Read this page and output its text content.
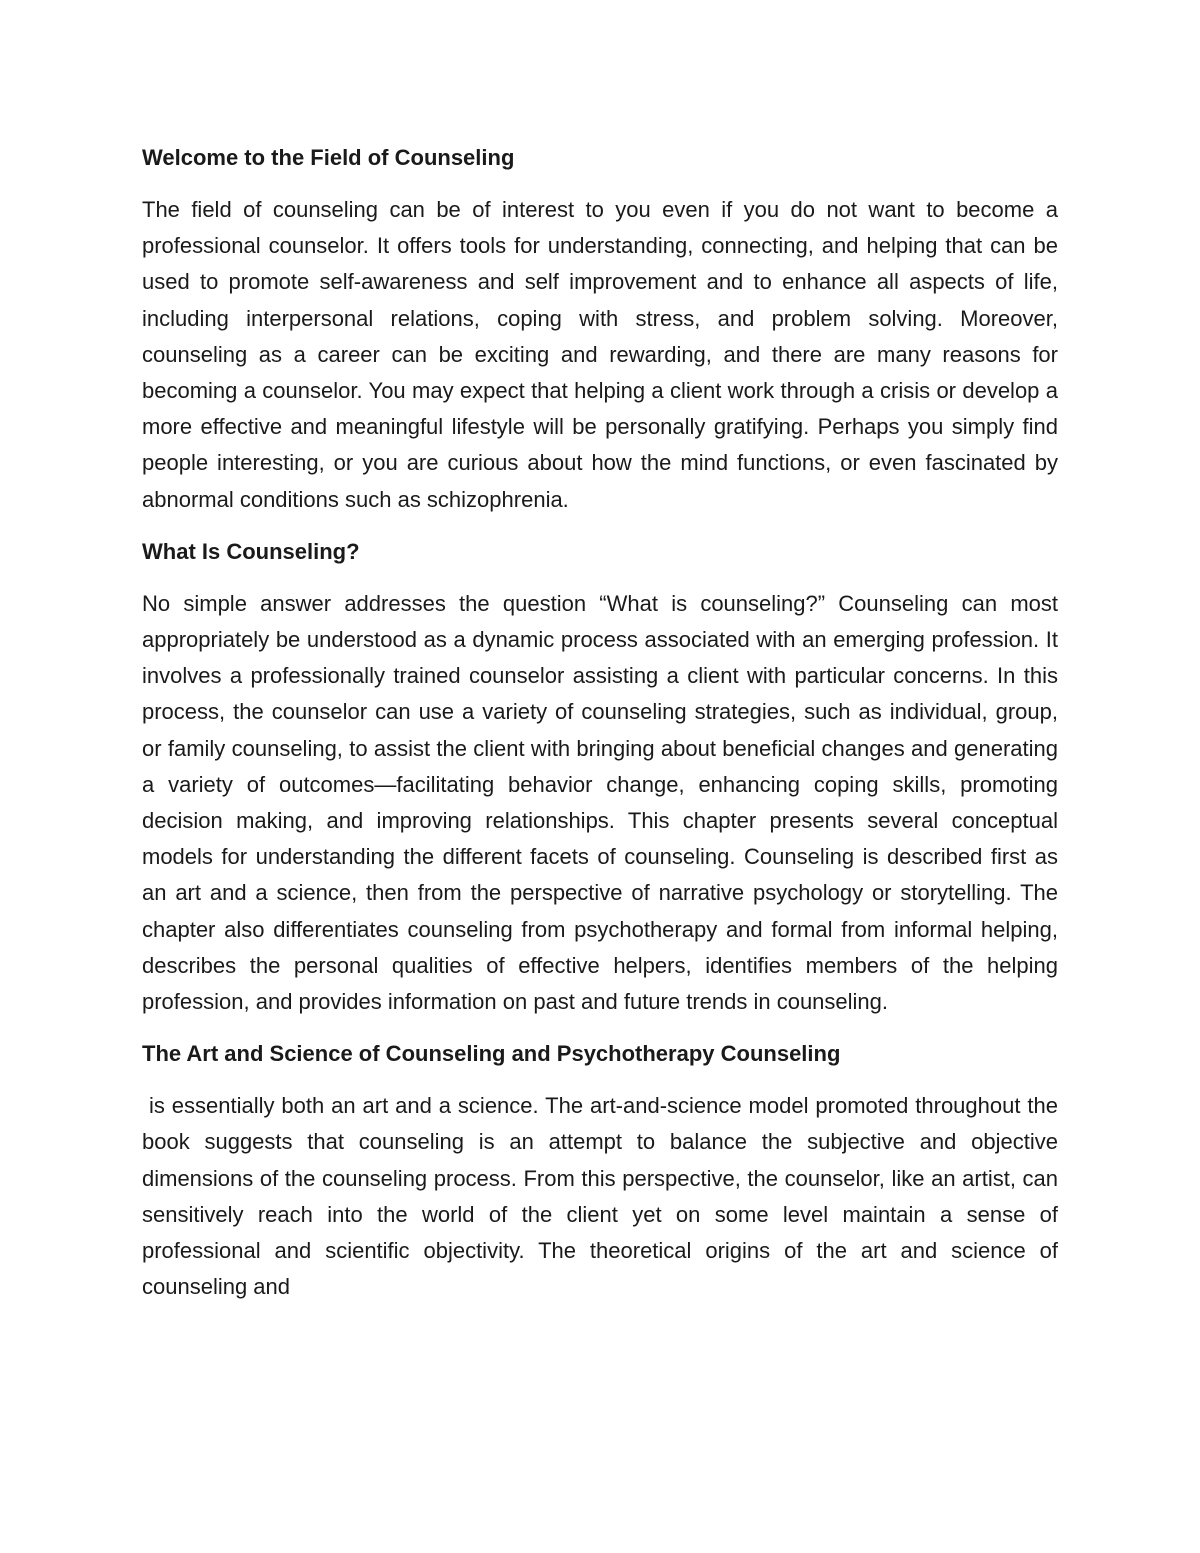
Welcome to the Field of Counseling

The field of counseling can be of interest to you even if you do not want to become a professional counselor. It offers tools for understanding, connecting, and helping that can be used to promote self-awareness and self improvement and to enhance all aspects of life, including interpersonal relations, coping with stress, and problem solving. Moreover, counseling as a career can be exciting and rewarding, and there are many reasons for becoming a counselor. You may expect that helping a client work through a crisis or develop a more effective and meaningful lifestyle will be personally gratifying. Perhaps you simply find people interesting, or you are curious about how the mind functions, or even fascinated by abnormal conditions such as schizophrenia.

What Is Counseling?

No simple answer addresses the question “What is counseling?” Counseling can most appropriately be understood as a dynamic process associated with an emerging profession. It involves a professionally trained counselor assisting a client with particular concerns. In this process, the counselor can use a variety of counseling strategies, such as individual, group, or family counseling, to assist the client with bringing about beneficial changes and generating a variety of outcomes—facilitating behavior change, enhancing coping skills, promoting decision making, and improving relationships. This chapter presents several conceptual models for understanding the different facets of counseling. Counseling is described first as an art and a science, then from the perspective of narrative psychology or storytelling. The chapter also differentiates counseling from psychotherapy and formal from informal helping, describes the personal qualities of effective helpers, identifies members of the helping profession, and provides information on past and future trends in counseling.

The Art and Science of Counseling and Psychotherapy Counseling

is essentially both an art and a science. The art-and-science model promoted throughout the book suggests that counseling is an attempt to balance the subjective and objective dimensions of the counseling process. From this perspective, the counselor, like an artist, can sensitively reach into the world of the client yet on some level maintain a sense of professional and scientific objectivity. The theoretical origins of the art and science of counseling and
